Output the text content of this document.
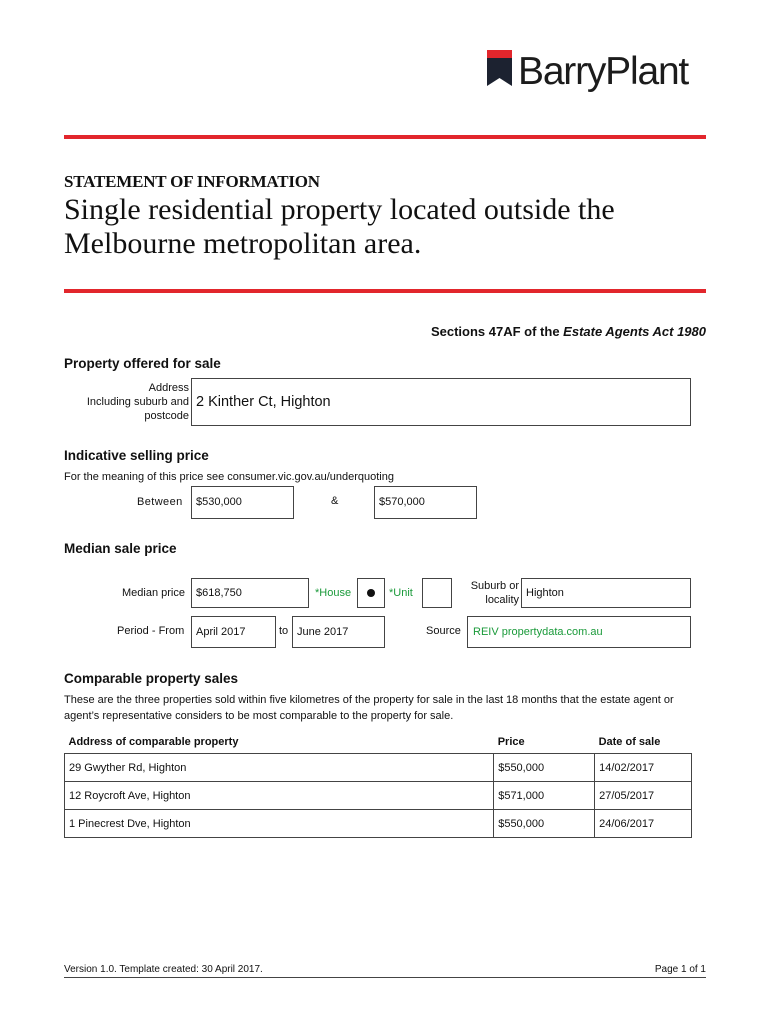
BarryPlant
STATEMENT OF INFORMATION
Single residential property located outside the Melbourne metropolitan area.
Sections 47AF of the Estate Agents Act 1980
Property offered for sale
Address
Including suburb and
postcode
2 Kinther Ct, Highton
Indicative selling price
For the meaning of this price see consumer.vic.gov.au/underquoting
Between $530,000	&	$570,000
Median sale price
Median price $618,750	*House	*Unit
Suburb or
locality
Highton
Period - From April 2017	to June 2017	Source REIV propertydata.com.au
Comparable property sales
These are the three properties sold within five kilometres of the property for sale in the last 18 months that the estate agent or agent’s representative considers to be most comparable to the property for sale.
Address of comparable property	Price	Date of sale
29 Gwyther Rd, Highton	$550,000	14/02/2017
12 Roycroft Ave, Highton	$571,000	27/05/2017
1 Pinecrest Dve, Highton	$550,000	24/06/2017
Version 1.0. Template created: 30 April 2017.	Page 1 of 1
